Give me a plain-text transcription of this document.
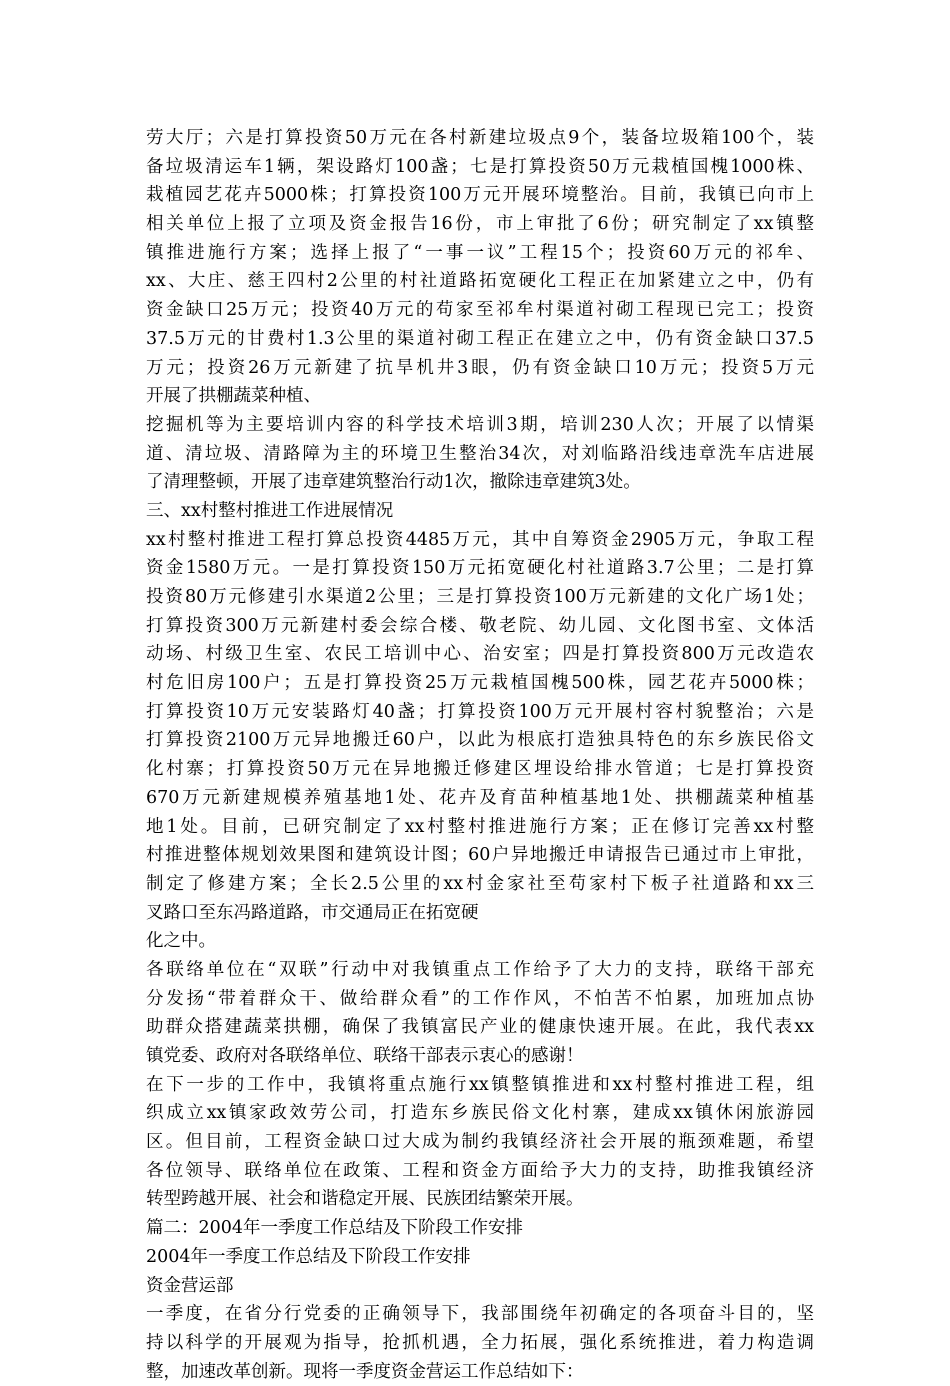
劳大厅；六是打算投资50万元在各村新建垃圾点9个，装备垃圾箱100个，装
备垃圾清运车1辆，架设路灯100盏；七是打算投资50万元栽植国槐1000株、
栽植园艺花卉5000株；打算投资100万元开展环境整治。目前，我镇已向市上
相关单位上报了立项及资金报告16份，市上审批了6份；研究制定了xx镇整
镇推进施行方案；选择上报了“一事一议”工程15个；投资60万元的祁牟、
xx、大庄、慈王四村2公里的村社道路拓宽硬化工程正在加紧建立之中，仍有
资金缺口25万元；投资40万元的苟家至祁牟村渠道衬砌工程现已完工；投资
37.5万元的甘费村1.3公里的渠道衬砌工程正在建立之中，仍有资金缺口37.5
万元；投资26万元新建了抗旱机井3眼，仍有资金缺口10万元；投资5万元
开展了拱棚蔬菜种植、
挖掘机等为主要培训内容的科学技术培训3期，培训230人次；开展了以情渠
道、清垃圾、清路障为主的环境卫生整治34次，对刘临路沿线违章洗车店进展
了清理整顿，开展了违章建筑整治行动1次，撤除违章建筑3处。
三、xx村整村推进工作进展情况
xx村整村推进工程打算总投资4485万元，其中自筹资金2905万元，争取工程
资金1580万元。一是打算投资150万元拓宽硬化村社道路3.7公里；二是打算
投资80万元修建引水渠道2公里；三是打算投资100万元新建的文化广场1处；
打算投资300万元新建村委会综合楼、敬老院、幼儿园、文化图书室、文体活
动场、村级卫生室、农民工培训中心、治安室；四是打算投资800万元改造农
村危旧房100户；五是打算投资25万元栽植国槐500株，园艺花卉5000株；
打算投资10万元安装路灯40盏；打算投资100万元开展村容村貌整治；六是
打算投资2100万元异地搬迁60户，以此为根底打造独具特色的东乡族民俗文
化村寨；打算投资50万元在异地搬迁修建区埋设给排水管道；七是打算投资
670万元新建规模养殖基地1处、花卉及育苗种植基地1处、拱棚蔬菜种植基
地1处。目前，已研究制定了xx村整村推进施行方案；正在修订完善xx村整
村推进整体规划效果图和建筑设计图；60户异地搬迁申请报告已通过市上审批，
制定了修建方案；全长2.5公里的xx村金家社至苟家村下板子社道路和xx三
叉路口至东冯路道路，市交通局正在拓宽硬
化之中。
各联络单位在“双联”行动中对我镇重点工作给予了大力的支持，联络干部充
分发扬“带着群众干、做给群众看”的工作作风，不怕苦不怕累，加班加点协
助群众搭建蔬菜拱棚，确保了我镇富民产业的健康快速开展。在此，我代表xx
镇党委、政府对各联络单位、联络干部表示衷心的感谢！
在下一步的工作中，我镇将重点施行xx镇整镇推进和xx村整村推进工程，组
织成立xx镇家政效劳公司，打造东乡族民俗文化村寨，建成xx镇休闲旅游园
区。但目前，工程资金缺口过大成为制约我镇经济社会开展的瓶颈难题，希望
各位领导、联络单位在政策、工程和资金方面给予大力的支持，助推我镇经济
转型跨越开展、社会和谐稳定开展、民族团结繁荣开展。
篇二：2004年一季度工作总结及下阶段工作安排
2004年一季度工作总结及下阶段工作安排
资金营运部
一季度，在省分行党委的正确领导下，我部围绕年初确定的各项奋斗目的，坚
持以科学的开展观为指导，抢抓机遇，全力拓展，强化系统推进，着力构造调
整，加速改革创新。现将一季度资金营运工作总结如下：
